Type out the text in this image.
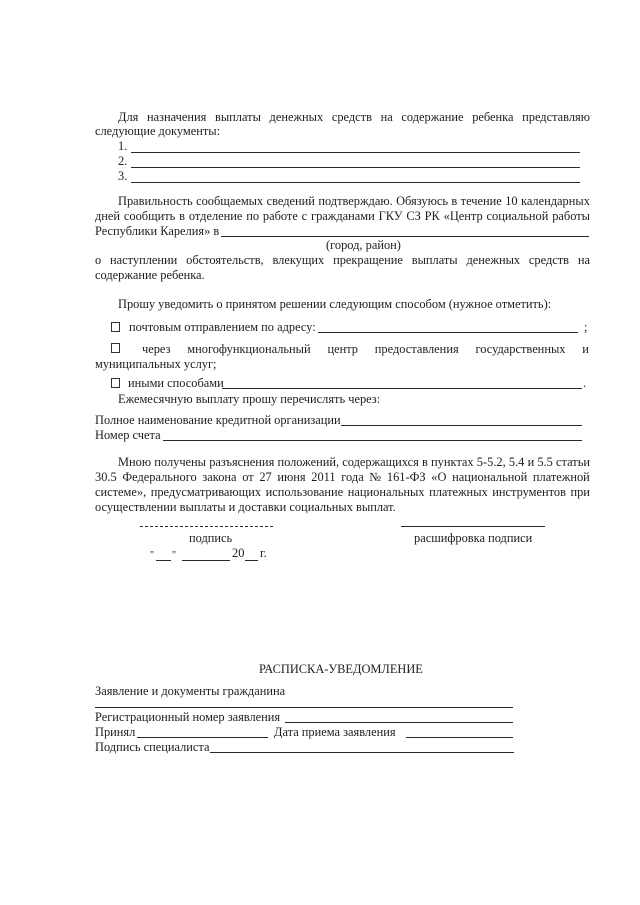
Для назначения выплаты денежных средств на содержание ребенка представляю
следующие документы:
1.
2.
3.
Правильность сообщаемых сведений подтверждаю. Обязуюсь в течение 10 календарных
дней сообщить в отделение по работе с гражданами ГКУ СЗ РК «Центр социальной работы
Республики Карелия» в
(город, район)
о наступлении обстоятельств, влекущих прекращение выплаты денежных средств на
содержание ребенка.
Прошу уведомить о принятом решении следующим способом (нужное отметить):
почтовым отправлением по адресу:	;
через многофункциональный центр предоставления государственных и
муниципальных услуг;
иными способами	.
Ежемесячную выплату прошу перечислять через:
Полное наименование кредитной организации
Номер счета
Мною получены разъяснения положений, содержащихся в пунктах 5-5.2, 5.4 и 5.5 статьи
30.5 Федерального закона от 27 июня 2011 года № 161-ФЗ «О национальной платежной
системе», предусматривающих использование национальных платежных инструментов при
осуществлении выплаты и доставки социальных выплат.
подпись	расшифровка подписи
" "	20 г.
РАСПИСКА-УВЕДОМЛЕНИЕ
Заявление и документы гражданина
Регистрационный номер заявления
Принял	Дата приема заявления
Подпись специалиста
